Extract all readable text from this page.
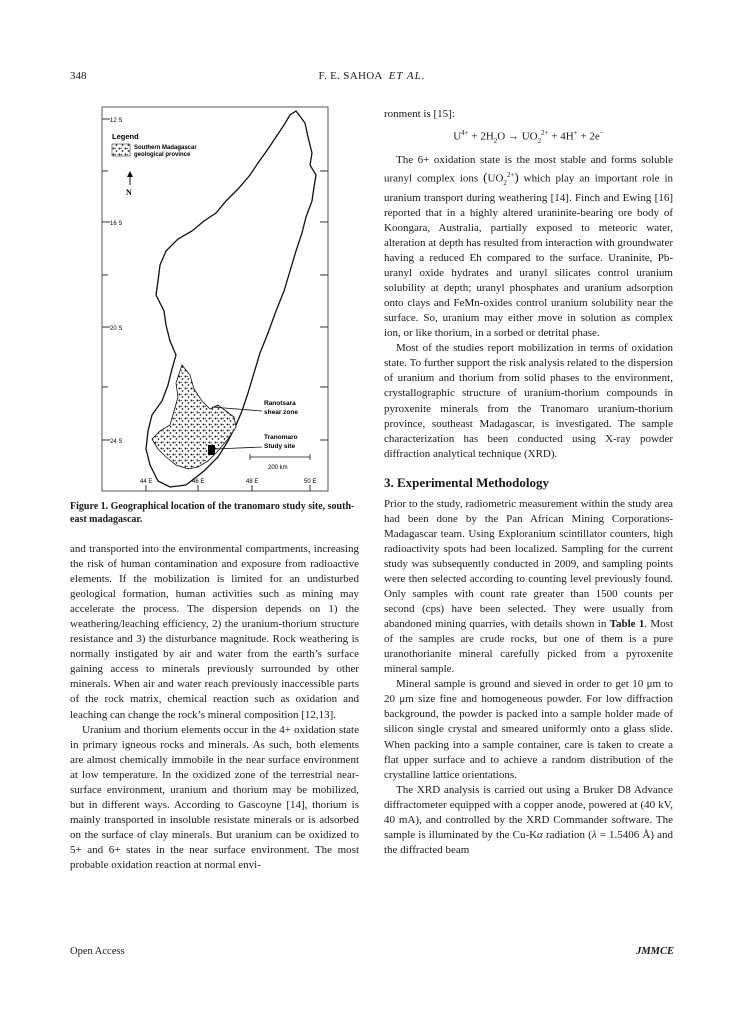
348	F. E. SAHOA ET AL.
12 S
16 S
20 S
24 S
44 E	46 E	48 E	50 E
Ranotsara
shear zone
Tranomaro
Study site
200 km
Legend
Southern Madagascar
geological province
N
Figure 1. Geographical location of the tranomaro study site, south-east madagascar.

and transported into the environmental compartments, increasing the risk of human contamination and exposure from radioactive elements. If the mobilization is limited for an undisturbed geological formation, human activities such as mining may accelerate the process. The dispersion depends on 1) the weathering/leaching efficiency, 2) the uranium-thorium structure resistance and 3) the disturbance magnitude. Rock weathering is normally instigated by air and water from the earth’s surface gaining access to minerals previously surrounded by other minerals. When air and water reach previously inaccessible parts of the rock matrix, chemical reaction such as oxidation and leaching can change the rock’s mineral composition [12,13].

Uranium and thorium elements occur in the 4+ oxidation state in primary igneous rocks and minerals. As such, both elements are almost chemically immobile in the near surface environment at low temperature. In the oxidized zone of the terrestrial near-surface environment, uranium and thorium may be mobilized, but in different ways. According to Gascoyne [14], thorium is mainly transported in insoluble resistate minerals or is adsorbed on the surface of clay minerals. But uranium can be oxidized to 5+ and 6+ states in the near surface environment. The most probable oxidation reaction at normal envi-

ronment is [15]:

$U^{4+} + 2H_2O \to UO_2^{2+} + 4H^+ + 2e^-$

The 6+ oxidation state is the most stable and forms soluble uranyl complex ions $(UO_2^{2+})$ which play an important role in uranium transport during weathering [14]. Finch and Ewing [16] reported that in a highly altered uraninite-bearing ore body of Koongara, Australia, partially exposed to meteoric water, alteration at depth has resulted from interaction with groundwater having a reduced Eh compared to the surface. Uraninite, Pb-uranyl oxide hydrates and uranyl silicates control uranium solubility at depth; uranyl phosphates and uranium adsorption onto clays and FeMn-oxides control uranium solubility near the surface. So, uranium may either move in solution as complex ion, or like thorium, in a sorbed or detrital phase.

Most of the studies report mobilization in terms of oxidation state. To further support the risk analysis related to the dispersion of uranium and thorium from solid phases to the environment, crystallographic structure of uranium-thorium compounds in pyroxenite minerals from the Tranomaro uranium-thorium province, southeast Madagascar, is investigated. The sample characterization has been conducted using X-ray powder diffraction analytical technique (XRD).

3. Experimental Methodology

Prior to the study, radiometric measurement within the study area had been done by the Pan African Mining Corporations-Madagascar team. Using Exploranium scintillator counters, high radioactivity spots had been localized. Sampling for the current study was subsequently conducted in 2009, and sampling points were then selected according to counting level previously found. Only samples with count rate greater than 1500 counts per second (cps) have been selected. They were usually from abandoned mining quarries, with details shown in Table 1. Most of the samples are crude rocks, but one of them is a pure uranothorianite mineral carefully picked from a pyroxenite mineral sample.

Mineral sample is ground and sieved in order to get 10 μm to 20 μm size fine and homogeneous powder. For low diffraction background, the powder is packed into a sample holder made of silicon single crystal and smeared uniformly onto a glass slide. When packing into a sample container, care is taken to create a flat upper surface and to achieve a random distribution of the crystalline lattice orientations.

The XRD analysis is carried out using a Bruker D8 Advance diffractometer equipped with a copper anode, powered at (40 kV, 40 mA), and controlled by the XRD Commander software. The sample is illuminated by the Cu-Kα radiation (λ = 1.5406 Å) and the diffracted beam

Open Access	JMMCE
